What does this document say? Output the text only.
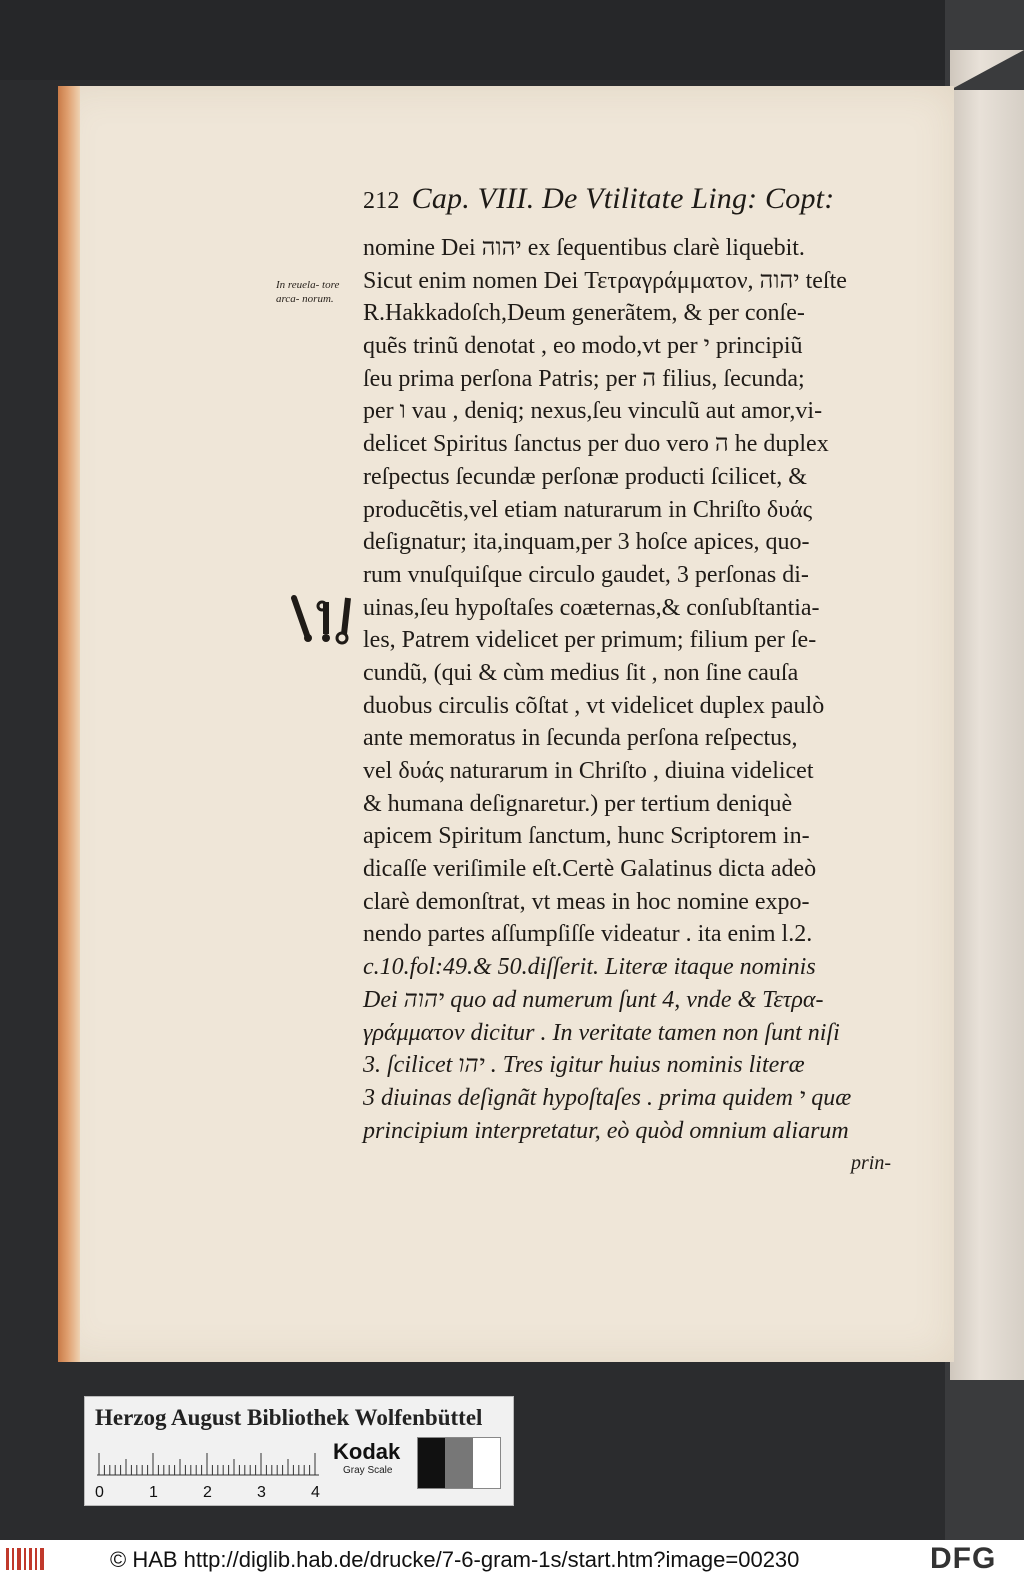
212 Cap. VIII. De Vtilitate Ling: Copt:
In reuela- tore arca- norum.
nomine Dei יהוה ex ſequentibus clarè liquebit.
Sicut enim nomen Dei Τετραγράμματον, יהוה teſte
R.Hakkadoſch,Deum generãtem, & per conſe-
quẽs trinũ denotat , eo modo,vt per י principiũ
ſeu prima perſona Patris; per ה filius, ſecunda;
per ו vau , deniq; nexus,ſeu vinculũ aut amor,vi-
delicet Spiritus ſanctus per duo vero ה he duplex
reſpectus ſecundæ perſonæ producti ſcilicet, &
producẽtis,vel etiam naturarum in Chriſto δυάς
deſignatur; ita,inquam,per 3 hoſce apices, quo-
rum vnuſquiſque circulo gaudet, 3 perſonas di-
uinas,ſeu hypoſtaſes coæternas,& conſubſtantia-
les, Patrem videlicet per primum; filium per ſe-
cundũ, (qui & cùm medius ſit , non ſine cauſa
duobus circulis cõſtat , vt videlicet duplex paulò
ante memoratus in ſecunda perſona reſpectus,
vel δυάς naturarum in Chriſto , diuina videlicet
& humana deſignaretur.) per tertium deniquè
apicem Spiritum ſanctum, hunc Scriptorem in-
dicaſſe veriſimile eſt.Certè Galatinus dicta adeò
clarè demonſtrat, vt meas in hoc nomine expo-
nendo partes aſſumpſiſſe videatur . ita enim l.2.
c.10.fol:49.& 50.diſſerit. Literæ itaque nominis
Dei יהוה quo ad numerum ſunt 4, vnde & Τετρα-
γράμματον dicitur . In veritate tamen non ſunt niſi
3. ſcilicet יהו . Tres igitur huius nominis literæ
3 diuinas deſignãt hypoſtaſes . prima quidem י quæ
principium interpretatur, eò quòd omnium aliarum
prin-
Herzog August Bibliothek Wolfenbüttel
0	1	2	3	4
Kodak
Gray Scale
© HAB http://diglib.hab.de/drucke/7-6-gram-1s/start.htm?image=00230	DFG
